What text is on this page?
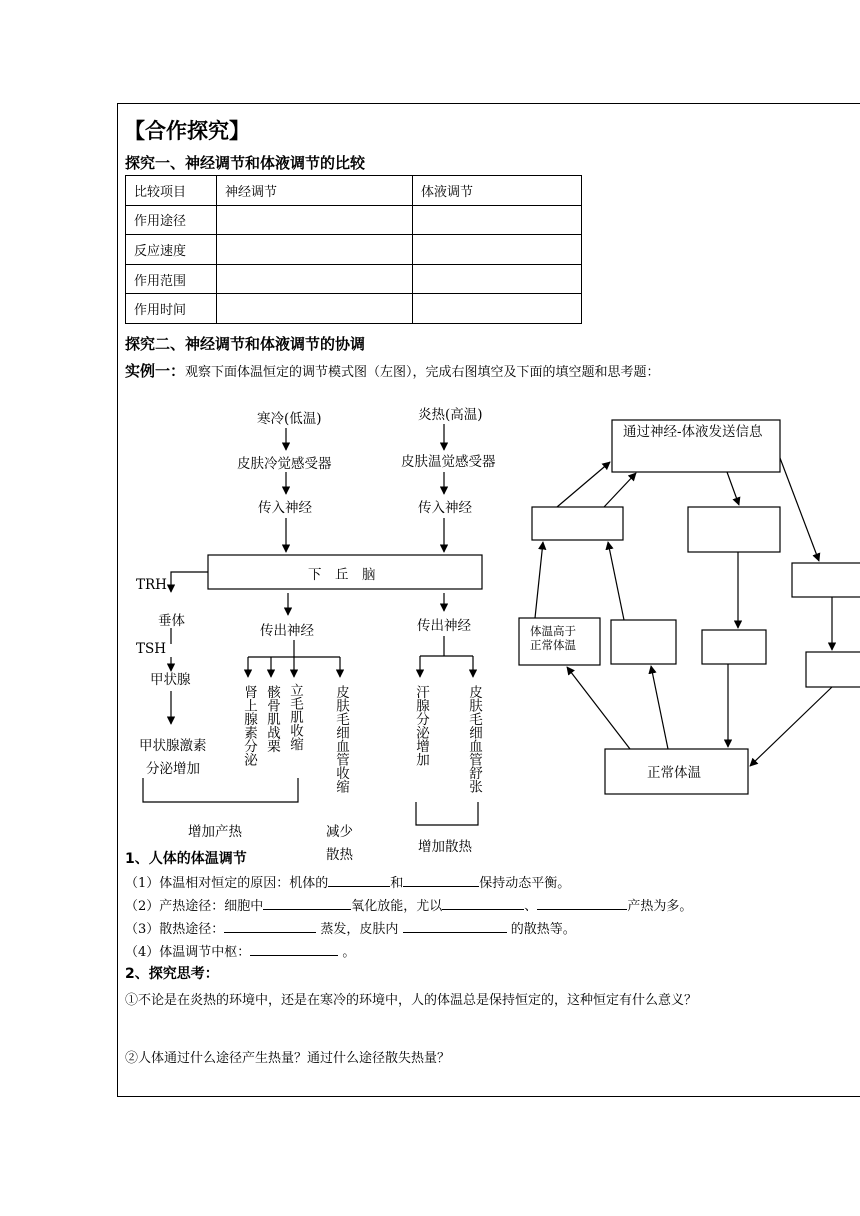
【合作探究】
探究一、神经调节和体液调节的比较
比较项目	神经调节	体液调节
作用途径		
反应速度		
作用范围		
作用时间		
探究二、神经调节和体液调节的协调
实例一：观察下面体温恒定的调节模式图（左图），完成右图填空及下面的填空题和思考题：
寒冷(低温)	炎热(高温)
皮肤冷觉感受器	皮肤温觉感受器
传入神经	传入神经
下　丘　脑
TRH
垂体
TSH
甲状腺
甲状腺激素
分泌增加
传出神经	传出神经
肾上腺素分泌 骸骨肌战栗 立毛肌收缩 皮肤毛细血管收缩	汗腺分泌增加	皮肤毛细血管舒张
增加产热	减少
散热	增加散热
通过神经-体液发送信息
体温高于
正常体温
正常体温
1、人体的体温调节
（1）体温相对恒定的原因：机体的	和	保持动态平衡。
（2）产热途径：细胞中	氧化放能，尤以	、	产热为多。
（3）散热途径：	蒸发，皮肤内	的散热等。
（4）体温调节中枢：	。
2、探究思考：
①不论是在炎热的环境中，还是在寒冷的环境中，人的体温总是保持恒定的，这种恒定有什么意义？
②人体通过什么途径产生热量？通过什么途径散失热量？
